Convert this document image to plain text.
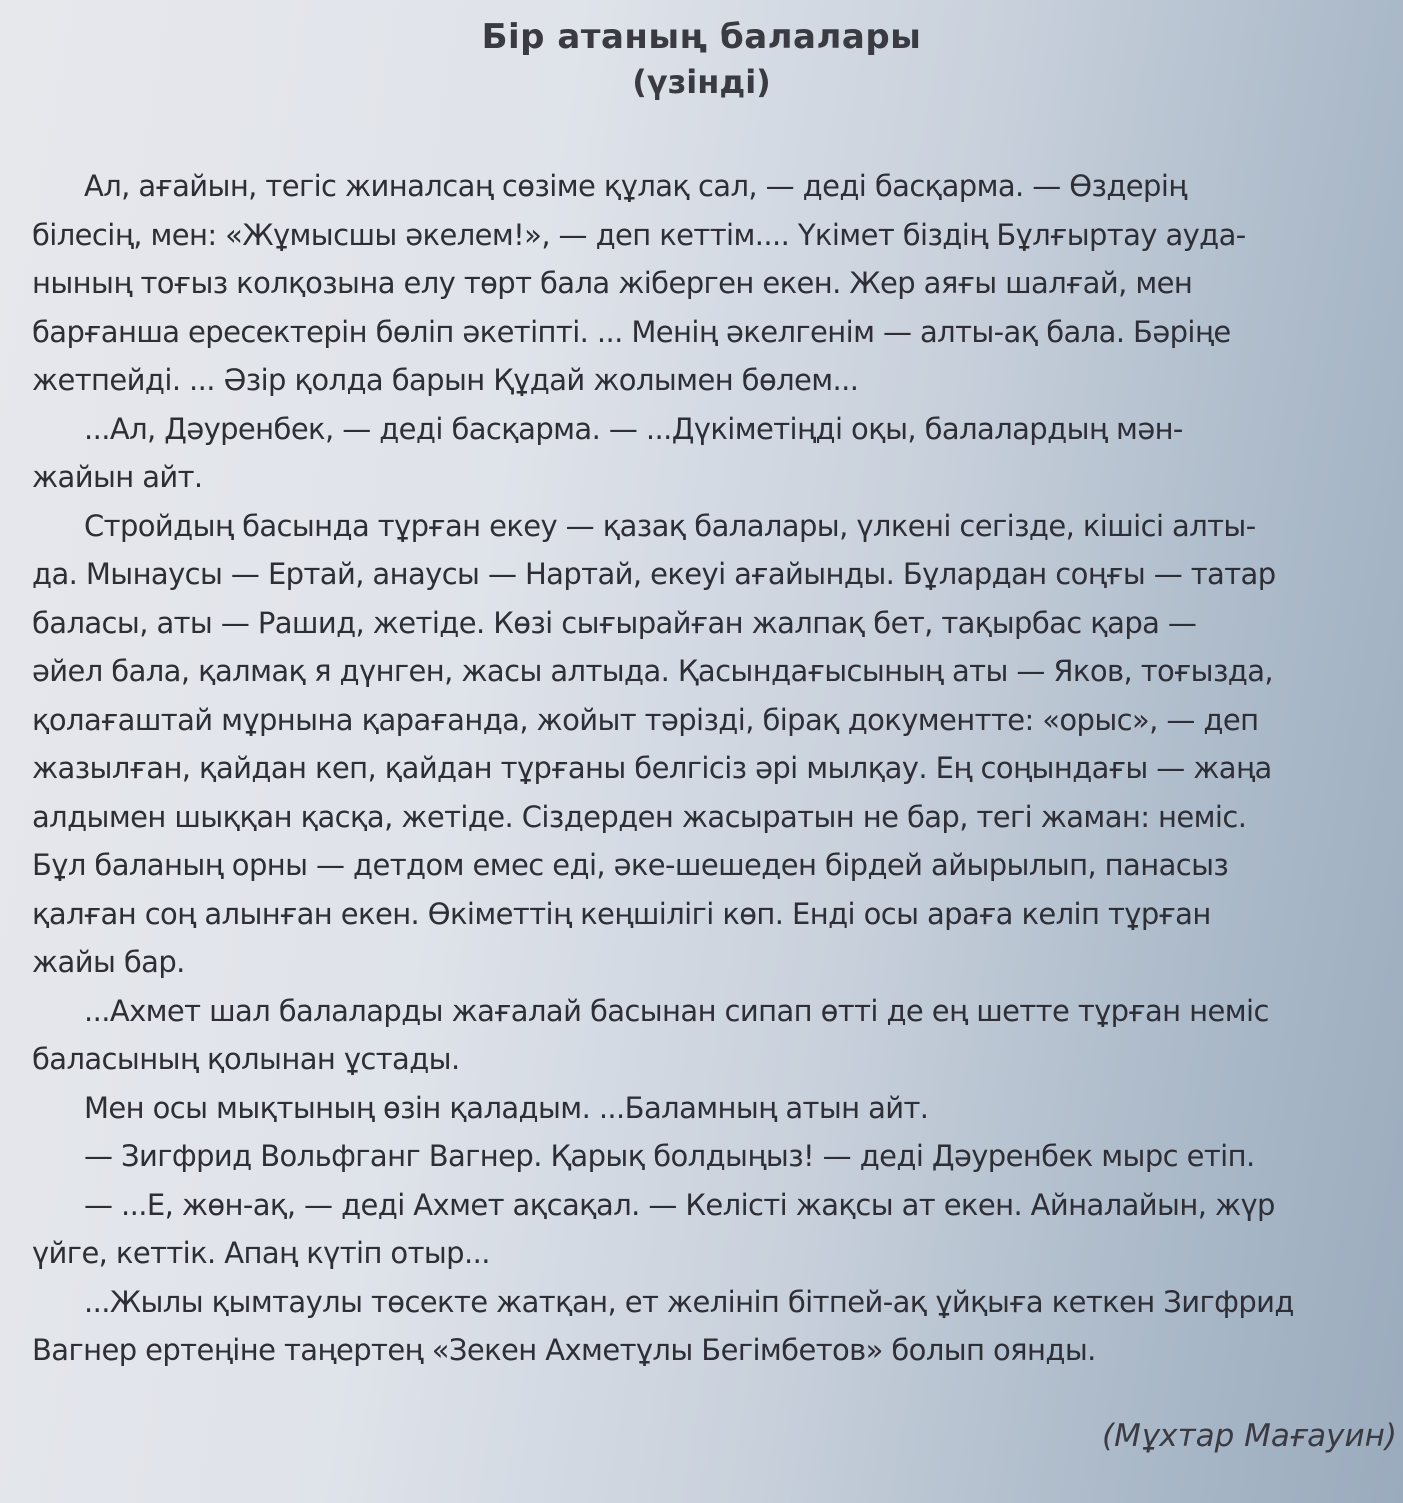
Бір атаның балалары
(үзінді)
Ал, ағайын, тегіс жиналсаң сөзіме құлақ сал, — деді басқарма. — Өздерің
білесің, мен: «Жұмысшы әкелем!», — деп кеттім.... Үкімет біздің Бұлғыртау ауда-
нының тоғыз колқозына елу төрт бала жіберген екен. Жер аяғы шалғай, мен
барғанша ересектерін бөліп әкетіпті. ... Менің әкелгенім — алты-ақ бала. Бәріңе
жетпейді. ... Әзір қолда барын Құдай жолымен бөлем...
...Ал, Дәуренбек, — деді басқарма. — ...Дүкіметіңді оқы, балалардың мән-
жайын айт.
Стройдың басында тұрған екеу — қазақ балалары, үлкені сегізде, кішісі алты-
да. Мынаусы — Ертай, анаусы — Нартай, екеуі ағайынды. Бұлардан соңғы — татар
баласы, аты — Рашид, жетіде. Көзі сығырайған жалпақ бет, тақырбас қара —
әйел бала, қалмақ я дүнген, жасы алтыда. Қасындағысының аты — Яков, тоғызда,
қолағаштай мұрнына қарағанда, жойыт тәрізді, бірақ документте: «орыс», — деп
жазылған, қайдан кеп, қайдан тұрғаны белгісіз әрі мылқау. Ең соңындағы — жаңа
алдымен шыққан қасқа, жетіде. Сіздерден жасыратын не бар, тегі жаман: неміс.
Бұл баланың орны — детдом емес еді, әке-шешеден бірдей айырылып, панасыз
қалған соң алынған екен. Өкіметтің кеңшілігі көп. Енді осы араға келіп тұрған
жайы бар.
...Ахмет шал балаларды жағалай басынан сипап өтті де ең шетте тұрған неміс
баласының қолынан ұстады.
Мен осы мықтының өзін қаладым. ...Баламның атын айт.
— Зигфрид Вольфганг Вагнер. Қарық болдыңыз! — деді Дәуренбек мырс етіп.
— ...Е, жөн-ақ, — деді Ахмет ақсақал. — Келісті жақсы ат екен. Айналайын, жүр
үйге, кеттік. Апаң күтіп отыр...
...Жылы қымтаулы төсекте жатқан, ет желініп бітпей-ақ ұйқыға кеткен Зигфрид
Вагнер ертеңіне таңертең «Зекен Ахметұлы Бегімбетов» болып оянды.
(Мұхтар Мағауин)
